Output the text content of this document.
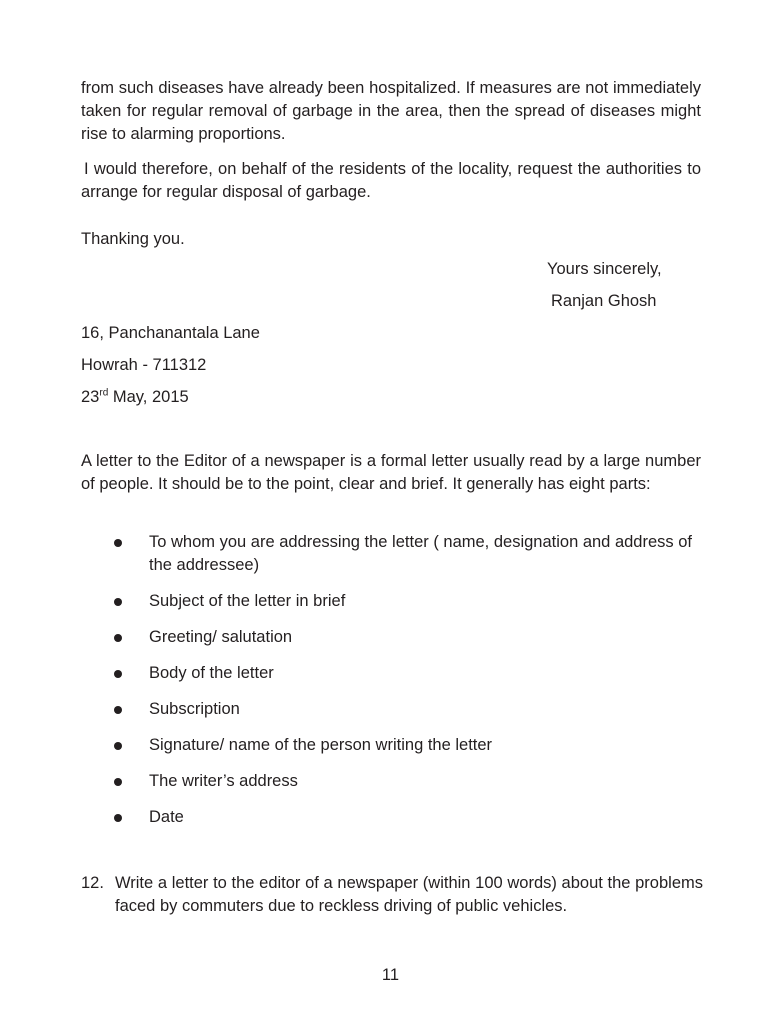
from such diseases have already been hospitalized. If measures are not immediately taken for regular removal of garbage in the area, then the spread of diseases might rise to alarming proportions.

I would therefore, on behalf of the residents of the locality, request the authorities to arrange for regular disposal of garbage.

Thanking you.

Yours sincerely,

Ranjan Ghosh

16, Panchanantala Lane

Howrah - 711312

23rd May, 2015

A letter to the Editor of a newspaper is a formal letter usually read by a large number of people. It should be to the point, clear and brief. It generally has eight parts:

To whom you are addressing the letter ( name, designation and address of the addressee)
Subject of the letter in brief
Greeting/ salutation
Body of the letter
Subscription
Signature/ name of the person writing the letter
The writer’s address
Date
12. Write a letter to the editor of a newspaper (within 100 words) about the problems faced by commuters due to reckless driving of public vehicles.
11
